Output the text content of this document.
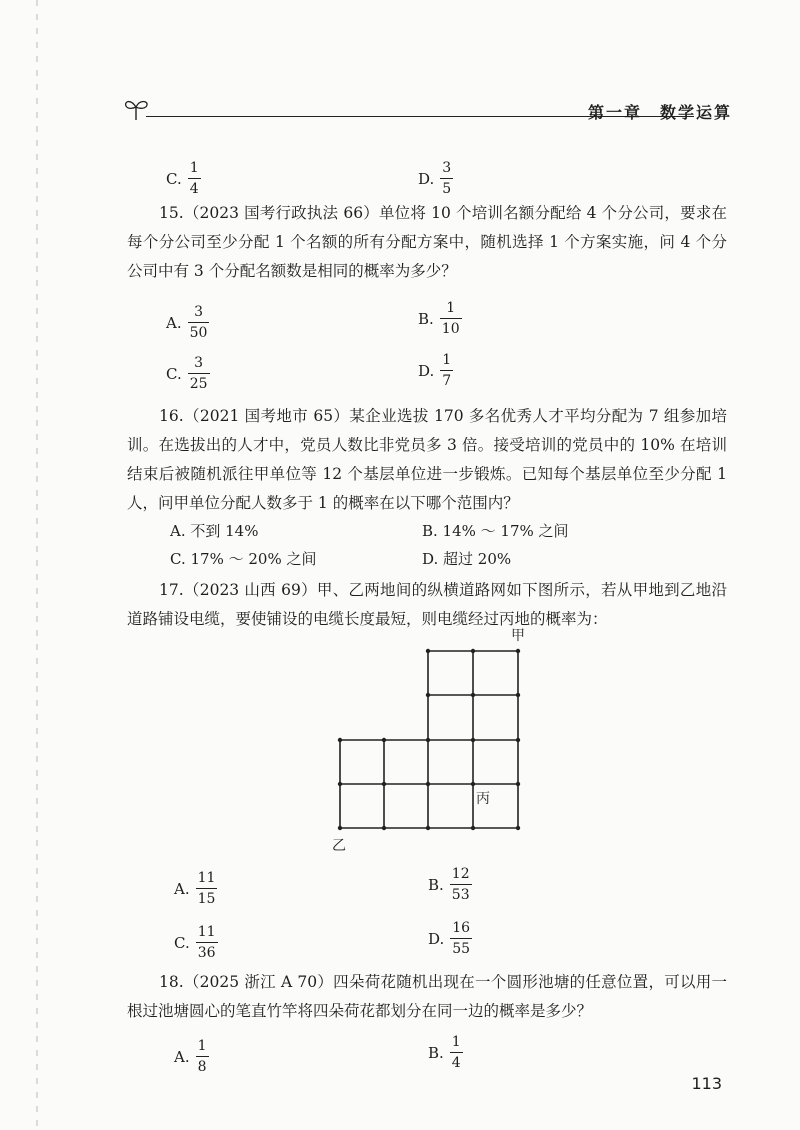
第一章　数学运算
C. $\frac{1}{4}$	D. $\frac{3}{5}$

15.（2023 国考行政执法 66）单位将 10 个培训名额分配给 4 个分公司，要求在每个分公司至少分配 1 个名额的所有分配方案中，随机选择 1 个方案实施，问 4 个分公司中有 3 个分配名额数是相同的概率为多少？

A. $\frac{3}{50}$	B. $\frac{1}{10}$
C. $\frac{3}{25}$	D. $\frac{1}{7}$

16.（2021 国考地市 65）某企业选拔 170 多名优秀人才平均分配为 7 组参加培训。在选拔出的人才中，党员人数比非党员多 3 倍。接受培训的党员中的 10% 在培训结束后被随机派往甲单位等 12 个基层单位进一步锻炼。已知每个基层单位至少分配 1 人，问甲单位分配人数多于 1 的概率在以下哪个范围内？

A. 不到 14%	B. 14% ～ 17% 之间
C. 17% ～ 20% 之间	D. 超过 20%

17.（2023 山西 69）甲、乙两地间的纵横道路网如下图所示，若从甲地到乙地沿道路铺设电缆，要使铺设的电缆长度最短，则电缆经过丙地的概率为：

甲
乙
丙
A. $\frac{11}{15}$	B. $\frac{12}{53}$
C. $\frac{11}{36}$	D. $\frac{16}{55}$

18.（2025 浙江 A 70）四朵荷花随机出现在一个圆形池塘的任意位置，可以用一根过池塘圆心的笔直竹竿将四朵荷花都划分在同一边的概率是多少？

A. $\frac{1}{8}$	B. $\frac{1}{4}$
113
